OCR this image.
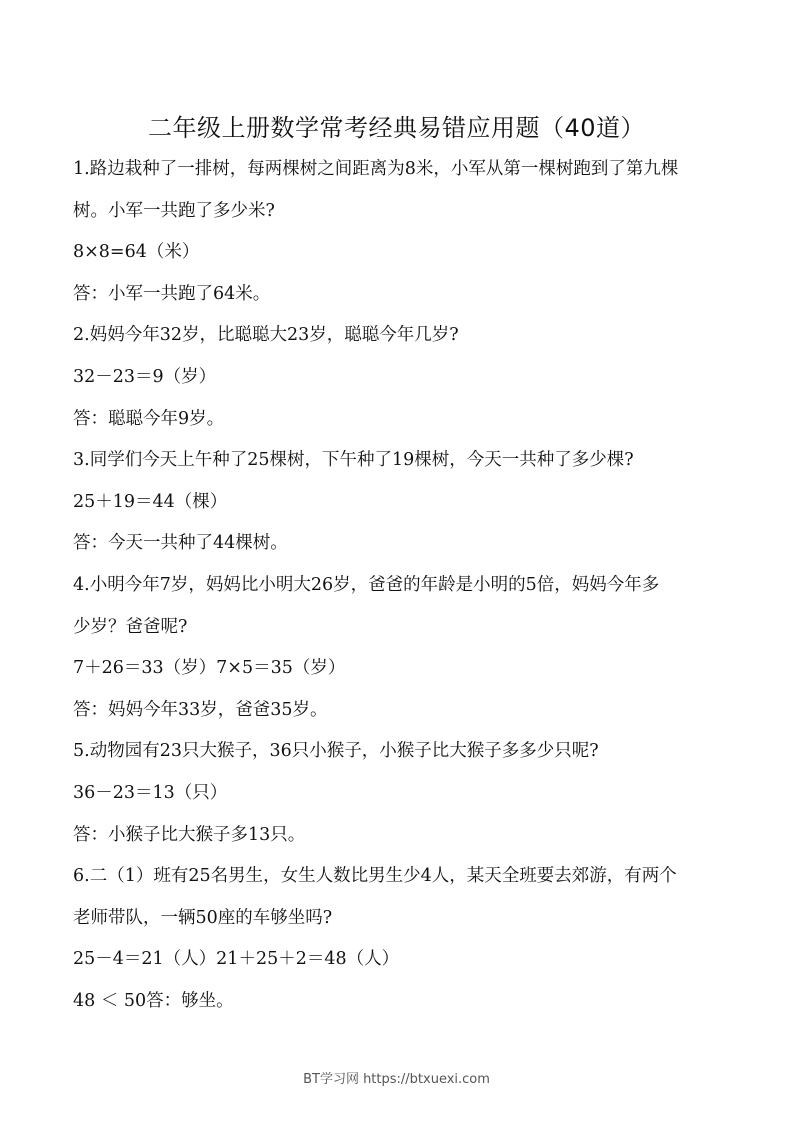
二年级上册数学常考经典易错应用题（40道）
1.路边栽种了一排树，每两棵树之间距离为8米，小军从第一棵树跑到了第九棵
树。小军一共跑了多少米?
8×8=64（米）
答：小军一共跑了64米。
2.妈妈今年32岁，比聪聪大23岁，聪聪今年几岁?
32－23＝9（岁）
答：聪聪今年9岁。
3.同学们今天上午种了25棵树，下午种了19棵树，今天一共种了多少棵?
25＋19＝44（棵）
答：今天一共种了44棵树。
4.小明今年7岁，妈妈比小明大26岁，爸爸的年龄是小明的5倍，妈妈今年多
少岁？爸爸呢?
7＋26＝33（岁）7×5＝35（岁）
答：妈妈今年33岁，爸爸35岁。
5.动物园有23只大猴子，36只小猴子，小猴子比大猴子多多少只呢?
36－23＝13（只）
答：小猴子比大猴子多13只。
6.二（1）班有25名男生，女生人数比男生少4人，某天全班要去郊游，有两个
老师带队，一辆50座的车够坐吗?
25－4＝21（人）21＋25＋2＝48（人）
48 ＜ 50答：够坐。
BT学习网 https://btxuexi.com
